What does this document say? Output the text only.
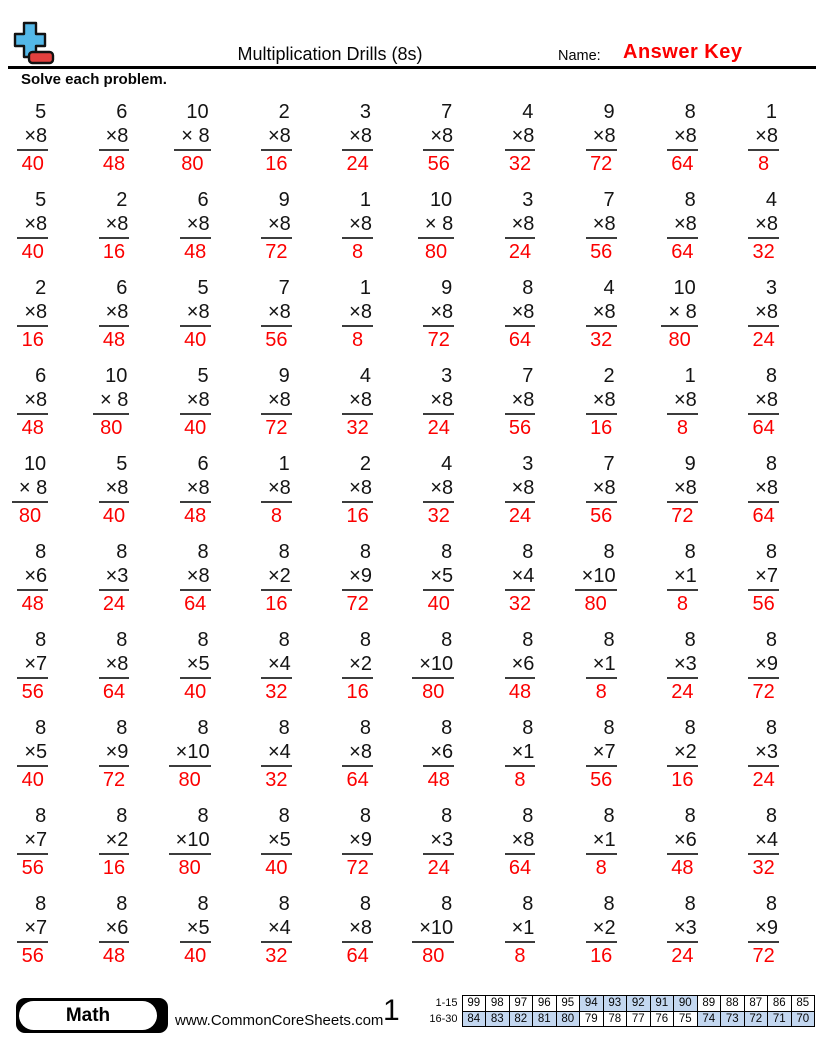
Multiplication Drills (8s)	Name: Answer Key
Solve each problem.
5
×8
40
6
×8
48
10
× 8
80
2
×8
16
3
×8
24
7
×8
56
4
×8
32
9
×8
72
8
×8
64
1
×8
8
5
×8
40
2
×8
16
6
×8
48
9
×8
72
1
×8
8
10
× 8
80
3
×8
24
7
×8
56
8
×8
64
4
×8
32
2
×8
16
6
×8
48
5
×8
40
7
×8
56
1
×8
8
9
×8
72
8
×8
64
4
×8
32
10
× 8
80
3
×8
24
6
×8
48
10
× 8
80
5
×8
40
9
×8
72
4
×8
32
3
×8
24
7
×8
56
2
×8
16
1
×8
8
8
×8
64
10
× 8
80
5
×8
40
6
×8
48
1
×8
8
2
×8
16
4
×8
32
3
×8
24
7
×8
56
9
×8
72
8
×8
64
8
×6
48
8
×3
24
8
×8
64
8
×2
16
8
×9
72
8
×5
40
8
×4
32
8
×10
80
8
×1
8
8
×7
56
8
×7
56
8
×8
64
8
×5
40
8
×4
32
8
×2
16
8
×10
80
8
×6
48
8
×1
8
8
×3
24
8
×9
72
8
×5
40
8
×9
72
8
×10
80
8
×4
32
8
×8
64
8
×6
48
8
×1
8
8
×7
56
8
×2
16
8
×3
24
8
×7
56
8
×2
16
8
×10
80
8
×5
40
8
×9
72
8
×3
24
8
×8
64
8
×1
8
8
×6
48
8
×4
32
8
×7
56
8
×6
48
8
×5
40
8
×4
32
8
×8
64
8
×10
80
8
×1
8
8
×2
16
8
×3
24
8
×9
72
Math	www.CommonCoreSheets.com 1	1-15	99	98	97	96	95	94	93	92	91	90	89	88	87	86	85
16-30	84	83	82	81	80	79	78	77	76	75	74	73	72	71	70
